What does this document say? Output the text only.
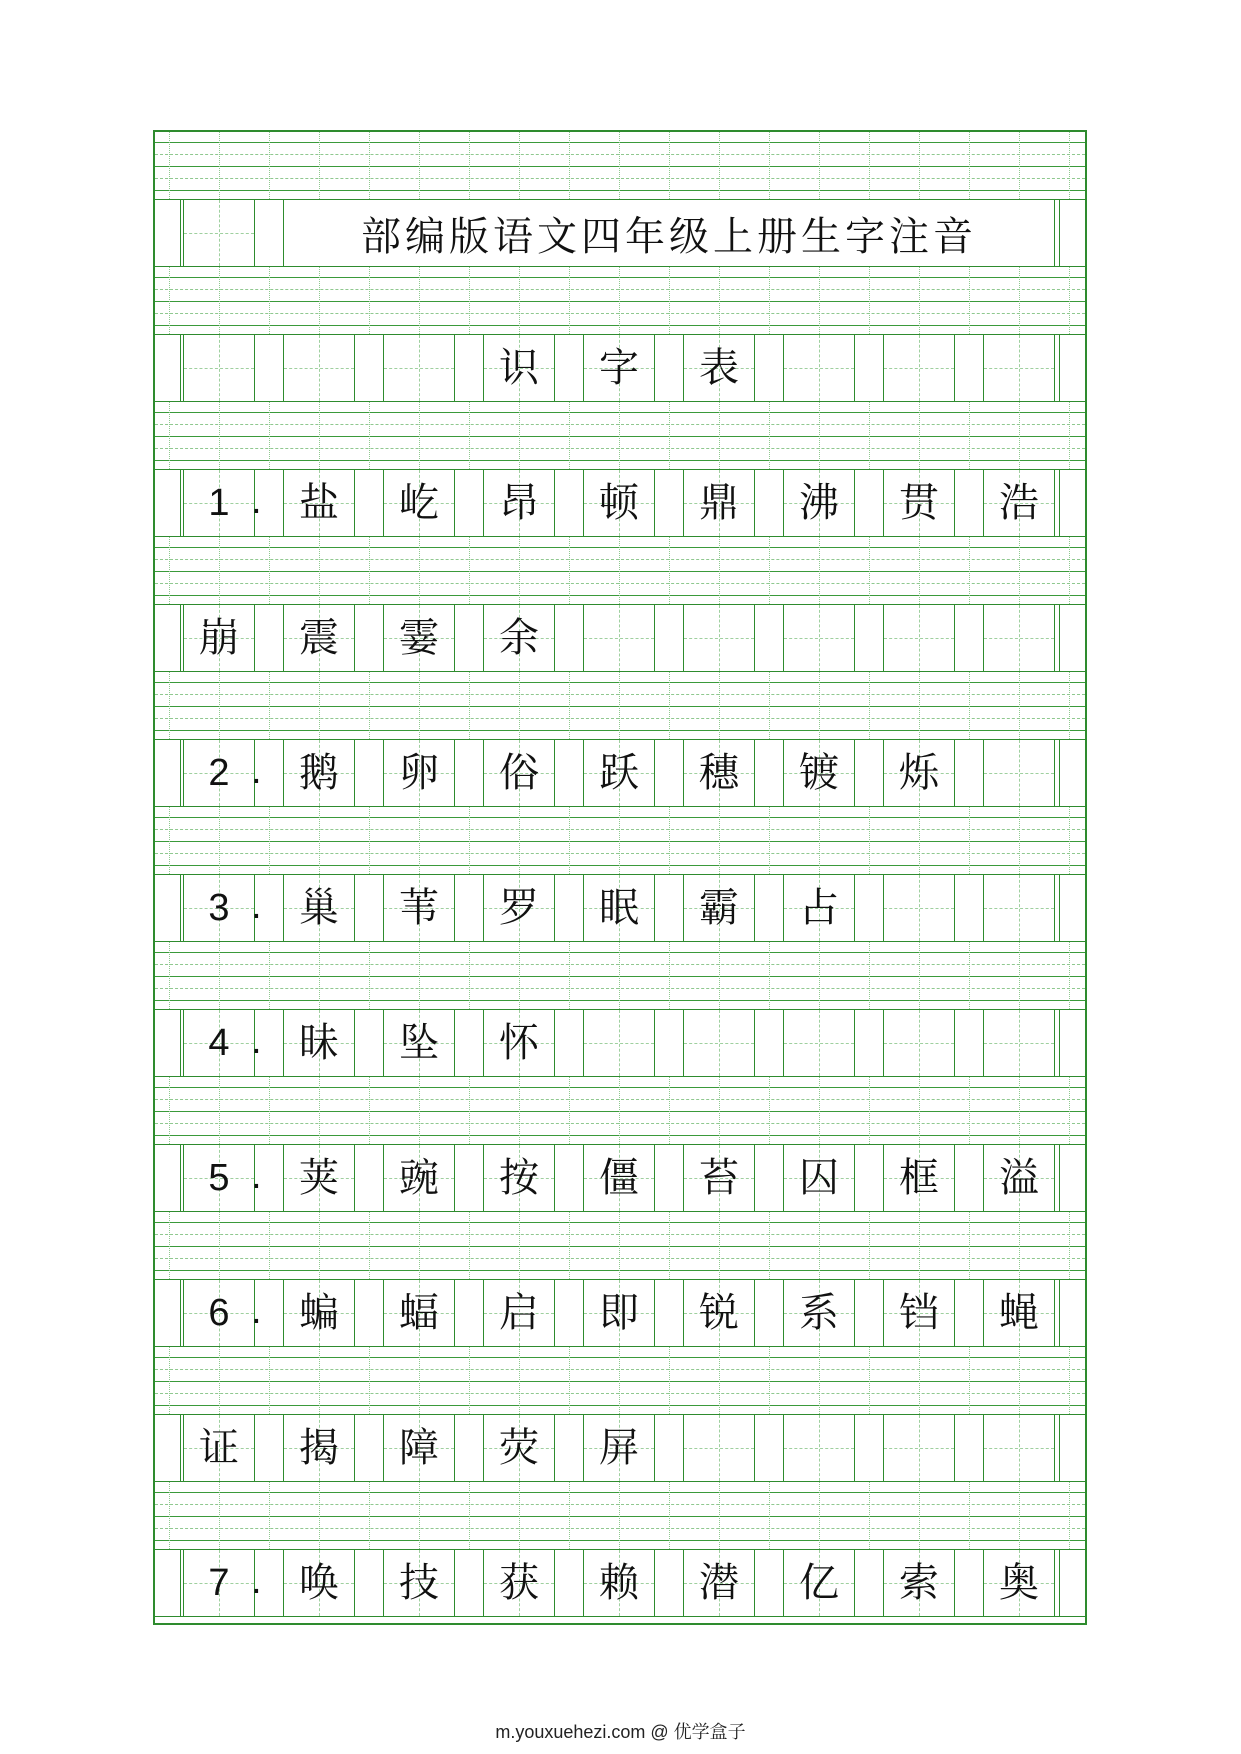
部编版语文四年级上册生字注音
识 字 表
1 . 盐 屹 昂 顿 鼎 沸 贯 浩
崩 震 霎 余
2 . 鹅 卵 俗 跃 穗 镀 烁
3 . 巢 苇 罗 眠 霸 占
4 . 昧 坠 怀
5 . 荚 豌 按 僵 苔 囚 框 溢
6 . 蝙 蝠 启 即 锐 系 铛 蝇
证 揭 障 荧 屏
7 . 唤 技 获 赖 潜 亿 索 奥
m.youxuehezi.com @ 优学盒子
